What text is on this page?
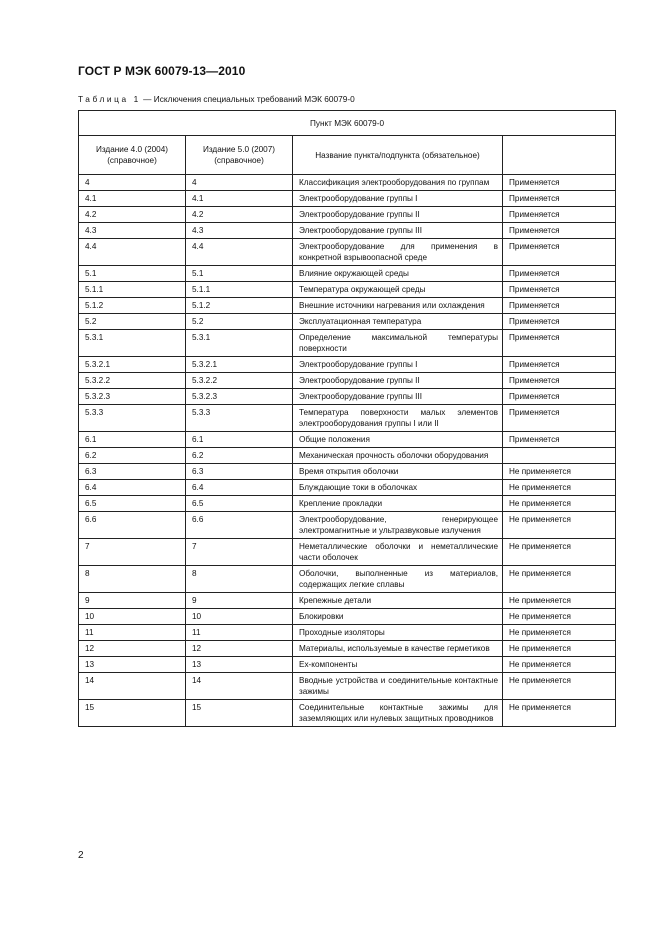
ГОСТ Р МЭК 60079-13—2010
Таблица 1 — Исключения специальных требований МЭК 60079-0
Пункт МЭК 60079-0			
Издание 4.0 (2004) (справочное)	Издание 5.0 (2007) (справочное)	Название пункта/подпункта (обязательное)	
4	4	Классификация электрооборудования по группам	Применяется
4.1	4.1	Электрооборудование группы I	Применяется
4.2	4.2	Электрооборудование группы II	Применяется
4.3	4.3	Электрооборудование группы III	Применяется
4.4	4.4	Электрооборудование для применения в конкретной взрывоопасной среде	Применяется
5.1	5.1	Влияние окружающей среды	Применяется
5.1.1	5.1.1	Температура окружающей среды	Применяется
5.1.2	5.1.2	Внешние источники нагревания или охлаждения	Применяется
5.2	5.2	Эксплуатационная температура	Применяется
5.3.1	5.3.1	Определение максимальной температуры поверхности	Применяется
5.3.2.1	5.3.2.1	Электрооборудование группы I	Применяется
5.3.2.2	5.3.2.2	Электрооборудование группы II	Применяется
5.3.2.3	5.3.2.3	Электрооборудование группы III	Применяется
5.3.3	5.3.3	Температура поверхности малых элементов электрооборудования группы I или II	Применяется
6.1	6.1	Общие положения	Применяется
6.2	6.2	Механическая прочность оболочки оборудования	
6.3	6.3	Время открытия оболочки	Не применяется
6.4	6.4	Блуждающие токи в оболочках	Не применяется
6.5	6.5	Крепление прокладки	Не применяется
6.6	6.6	Электрооборудование, генерирующее электромагнитные и ультразвуковые излучения	Не применяется
7	7	Неметаллические оболочки и неметаллические части оболочек	Не применяется
8	8	Оболочки, выполненные из материалов, содержащих легкие сплавы	Не применяется
9	9	Крепежные детали	Не применяется
10	10	Блокировки	Не применяется
11	11	Проходные изоляторы	Не применяется
12	12	Материалы, используемые в качестве герметиков	Не применяется
13	13	Ex-компоненты	Не применяется
14	14	Вводные устройства и соединительные контактные зажимы	Не применяется
15	15	Соединительные контактные зажимы для заземляющих или нулевых защитных проводников	Не применяется
2
